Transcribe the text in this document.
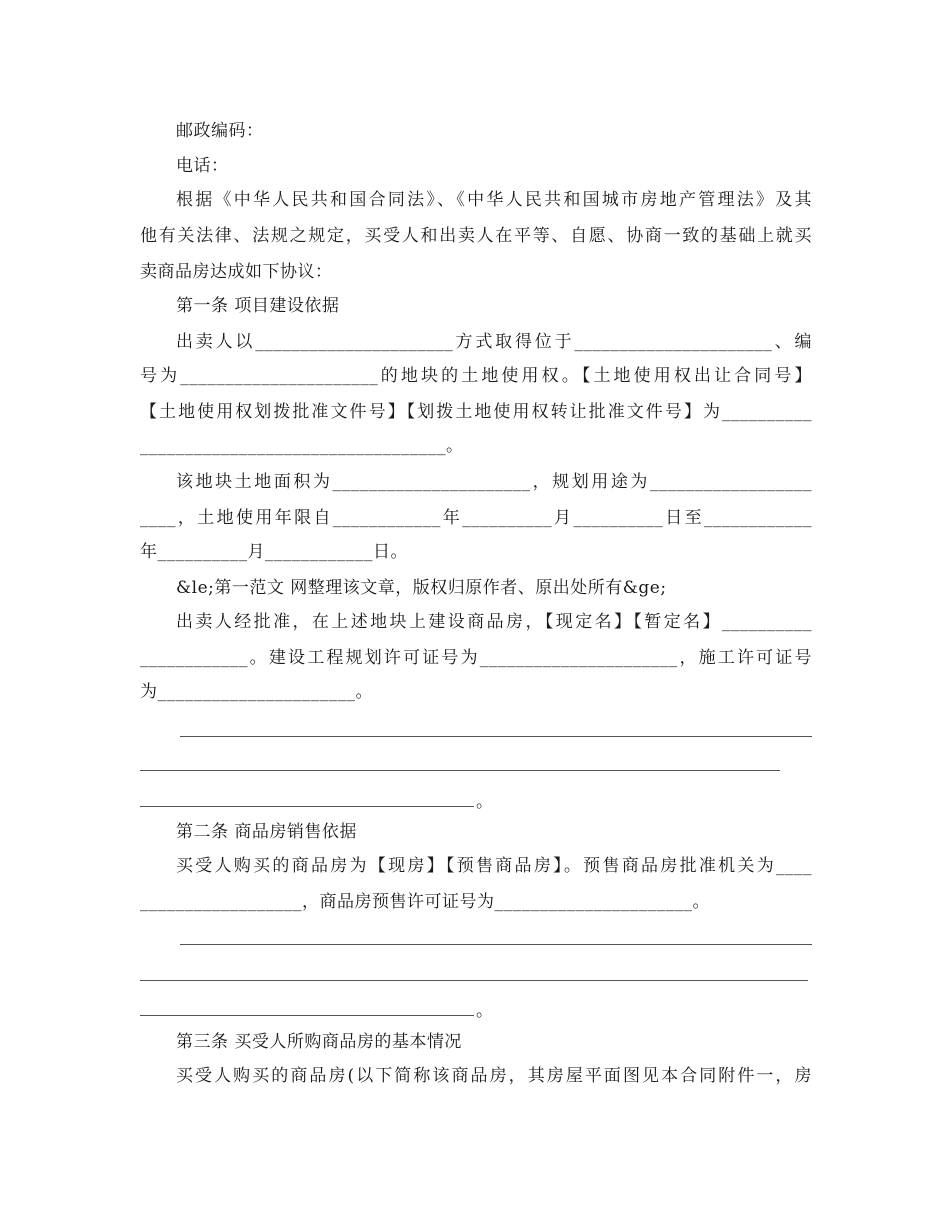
邮政编码：
电话：
根据《中华人民共和国合同法》、《中华人民共和国城市房地产管理法》及其
他有关法律、法规之规定，买受人和出卖人在平等、自愿、协商一致的基础上就买
卖商品房达成如下协议：
第一条 项目建设依据
出卖人以______________________方式取得位于______________________、编
号为______________________的地块的土地使用权。【土地使用权出让合同号】
【土地使用权划拨批准文件号】【划拨土地使用权转让批准文件号】为__________
__________________________________。
该地块土地面积为______________________，规划用途为__________________
____，土地使用年限自____________年__________月__________日至____________
年__________月____________日。
&le;第一范文 网整理该文章，版权归原作者、原出处所有&ge;
出卖人经批准，在上述地块上建设商品房，【现定名】【暂定名】__________
____________。建设工程规划许可证号为______________________，施工许可证号
为______________________。
。
第二条 商品房销售依据
买受人购买的商品房为【现房】【预售商品房】。预售商品房批准机关为____
__________________，商品房预售许可证号为______________________。
。
第三条 买受人所购商品房的基本情况
买受人购买的商品房(以下简称该商品房，其房屋平面图见本合同附件一，房
